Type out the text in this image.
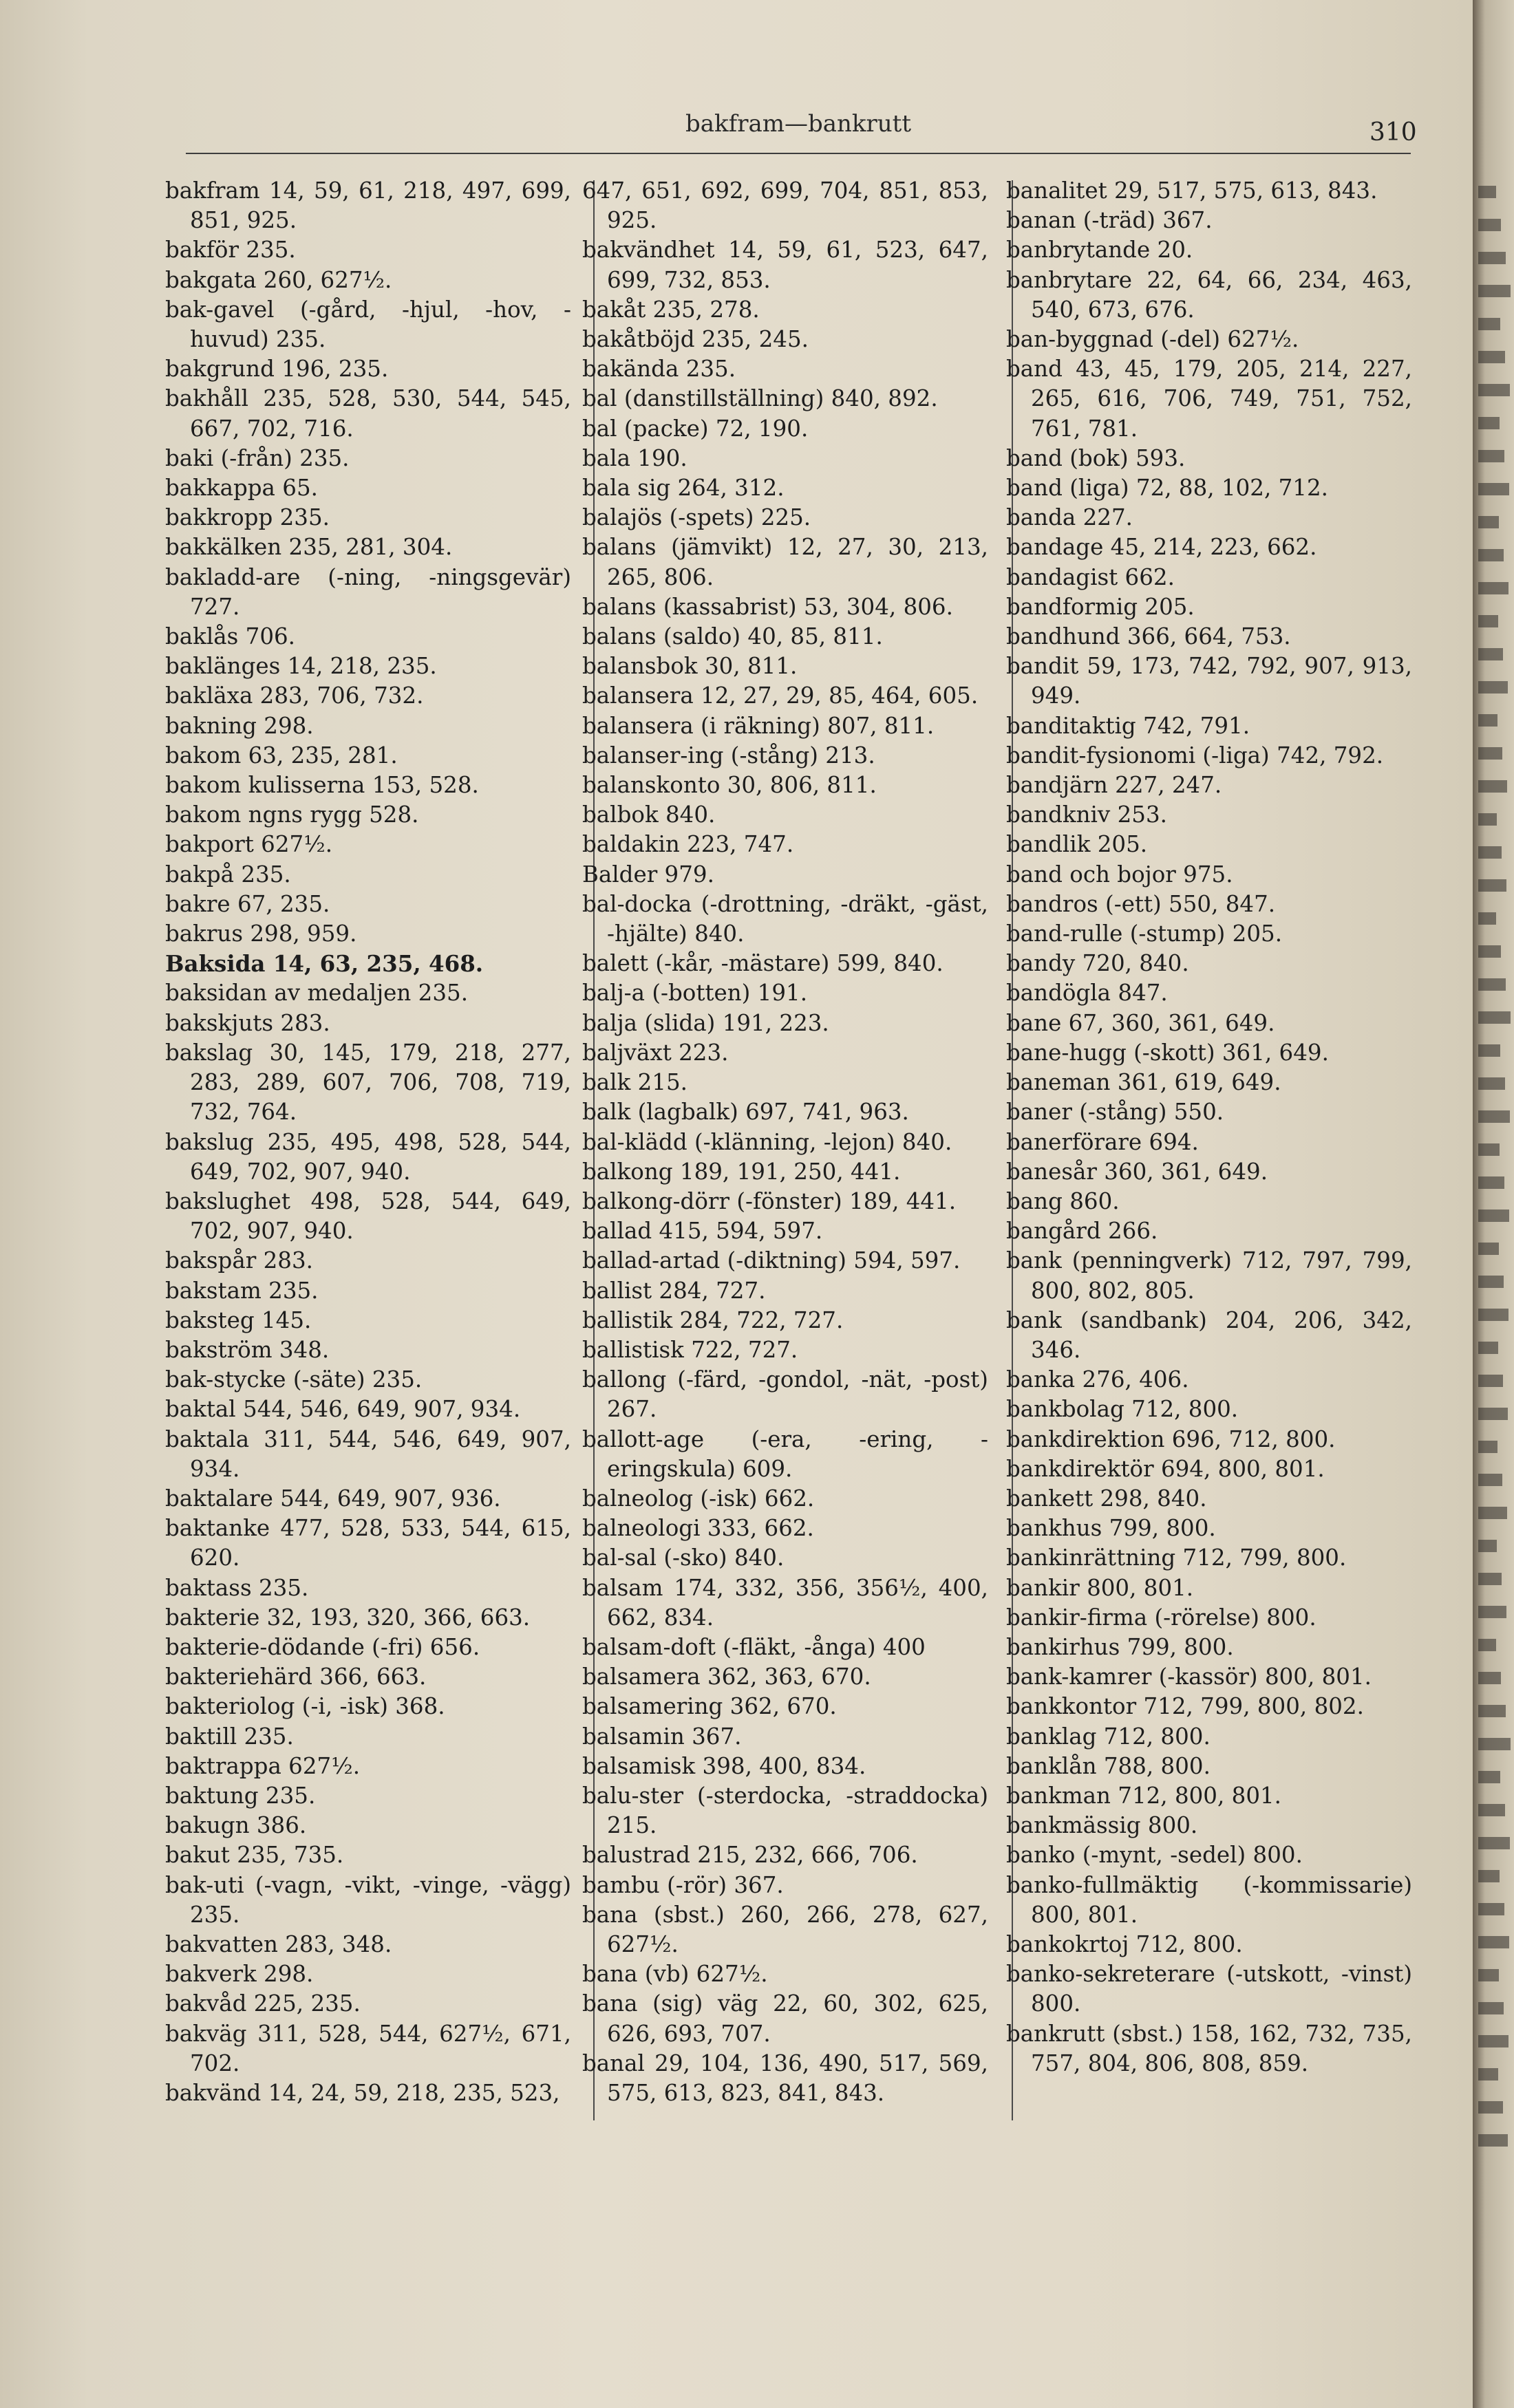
bakfram—bankrutt	310
bakfram 14, 59, 61, 218, 497, 699, 851, 925.
bakför 235.
bakgata 260, 627½.
bak-gavel (-gård, -hjul, -hov, -huvud) 235.
bakgrund 196, 235.
bakhåll 235, 528, 530, 544, 545, 667, 702, 716.
baki (-från) 235.
bakkappa 65.
bakkropp 235.
bakkälken 235, 281, 304.
bakladd-are (-ning, -ningsgevär) 727.
baklås 706.
baklänges 14, 218, 235.
bakläxa 283, 706, 732.
bakning 298.
bakom 63, 235, 281.
bakom kulisserna 153, 528.
bakom ngns rygg 528.
bakport 627½.
bakpå 235.
bakre 67, 235.
bakrus 298, 959.
Baksida 14, 63, 235, 468.
baksidan av medaljen 235.
bakskjuts 283.
bakslag 30, 145, 179, 218, 277, 283, 289, 607, 706, 708, 719, 732, 764.
bakslug 235, 495, 498, 528, 544, 649, 702, 907, 940.
bakslughet 498, 528, 544, 649, 702, 907, 940.
bakspår 283.
bakstam 235.
baksteg 145.
bakström 348.
bak-stycke (-säte) 235.
baktal 544, 546, 649, 907, 934.
baktala 311, 544, 546, 649, 907, 934.
baktalare 544, 649, 907, 936.
baktanke 477, 528, 533, 544, 615, 620.
baktass 235.
bakterie 32, 193, 320, 366, 663.
bakterie-dödande (-fri) 656.
bakteriehärd 366, 663.
bakteriolog (-i, -isk) 368.
baktill 235.
baktrappa 627½.
baktung 235.
bakugn 386.
bakut 235, 735.
bak-uti (-vagn, -vikt, -vinge, -vägg) 235.
bakvatten 283, 348.
bakverk 298.
bakvåd 225, 235.
bakväg 311, 528, 544, 627½, 671, 702.
bakvänd 14, 24, 59, 218, 235, 523,
647, 651, 692, 699, 704, 851, 853, 925.
bakvändhet 14, 59, 61, 523, 647, 699, 732, 853.
bakåt 235, 278.
bakåtböjd 235, 245.
bakända 235.
bal (danstillställning) 840, 892.
bal (packe) 72, 190.
bala 190.
bala sig 264, 312.
balajös (-spets) 225.
balans (jämvikt) 12, 27, 30, 213, 265, 806.
balans (kassabrist) 53, 304, 806.
balans (saldo) 40, 85, 811.
balansbok 30, 811.
balansera 12, 27, 29, 85, 464, 605.
balansera (i räkning) 807, 811.
balanser-ing (-stång) 213.
balanskonto 30, 806, 811.
balbok 840.
baldakin 223, 747.
Balder 979.
bal-docka (-drottning, -dräkt, -gäst, -hjälte) 840.
balett (-kår, -mästare) 599, 840.
balj-a (-botten) 191.
balja (slida) 191, 223.
baljväxt 223.
balk 215.
balk (lagbalk) 697, 741, 963.
bal-klädd (-klänning, -lejon) 840.
balkong 189, 191, 250, 441.
balkong-dörr (-fönster) 189, 441.
ballad 415, 594, 597.
ballad-artad (-diktning) 594, 597.
ballist 284, 727.
ballistik 284, 722, 727.
ballistisk 722, 727.
ballong (-färd, -gondol, -nät, -post) 267.
ballott-age (-era, -ering, -eringskula) 609.
balneolog (-isk) 662.
balneologi 333, 662.
bal-sal (-sko) 840.
balsam 174, 332, 356, 356½, 400, 662, 834.
balsam-doft (-fläkt, -ånga) 400
balsamera 362, 363, 670.
balsamering 362, 670.
balsamin 367.
balsamisk 398, 400, 834.
balu-ster (-sterdocka, -straddocka) 215.
balustrad 215, 232, 666, 706.
bambu (-rör) 367.
bana (sbst.) 260, 266, 278, 627, 627½.
bana (vb) 627½.
bana (sig) väg 22, 60, 302, 625, 626, 693, 707.
banal 29, 104, 136, 490, 517, 569, 575, 613, 823, 841, 843.
banalitet 29, 517, 575, 613, 843.
banan (-träd) 367.
banbrytande 20.
banbrytare 22, 64, 66, 234, 463, 540, 673, 676.
ban-byggnad (-del) 627½.
band 43, 45, 179, 205, 214, 227, 265, 616, 706, 749, 751, 752, 761, 781.
band (bok) 593.
band (liga) 72, 88, 102, 712.
banda 227.
bandage 45, 214, 223, 662.
bandagist 662.
bandformig 205.
bandhund 366, 664, 753.
bandit 59, 173, 742, 792, 907, 913, 949.
banditaktig 742, 791.
bandit-fysionomi (-liga) 742, 792.
bandjärn 227, 247.
bandkniv 253.
bandlik 205.
band och bojor 975.
bandros (-ett) 550, 847.
band-rulle (-stump) 205.
bandy 720, 840.
bandögla 847.
bane 67, 360, 361, 649.
bane-hugg (-skott) 361, 649.
baneman 361, 619, 649.
baner (-stång) 550.
banerförare 694.
banesår 360, 361, 649.
bang 860.
bangård 266.
bank (penningverk) 712, 797, 799, 800, 802, 805.
bank (sandbank) 204, 206, 342, 346.
banka 276, 406.
bankbolag 712, 800.
bankdirektion 696, 712, 800.
bankdirektör 694, 800, 801.
bankett 298, 840.
bankhus 799, 800.
bankinrättning 712, 799, 800.
bankir 800, 801.
bankir-firma (-rörelse) 800.
bankirhus 799, 800.
bank-kamrer (-kassör) 800, 801.
bankkontor 712, 799, 800, 802.
banklag 712, 800.
banklån 788, 800.
bankman 712, 800, 801.
bankmässig 800.
banko (-mynt, -sedel) 800.
banko-fullmäktig (-kommissarie) 800, 801.
bankokrtoj 712, 800.
banko-sekreterare (-utskott, -vinst) 800.
bankrutt (sbst.) 158, 162, 732, 735, 757, 804, 806, 808, 859.
